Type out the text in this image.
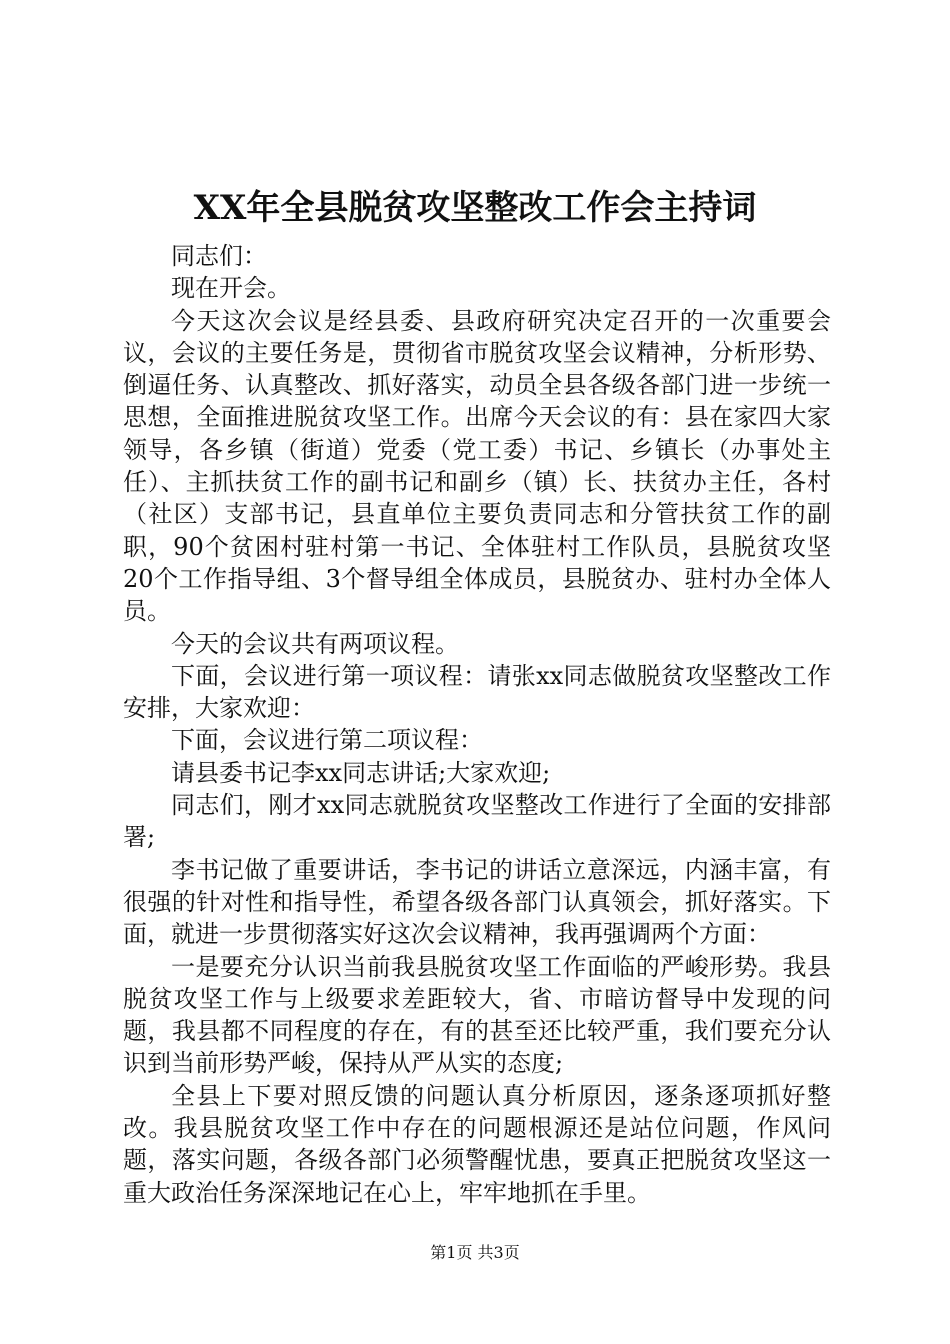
XX年全县脱贫攻坚整改工作会主持词

同志们：

现在开会。

今天这次会议是经县委、县政府研究决定召开的一次重要会议，会议的主要任务是，贯彻省市脱贫攻坚会议精神，分析形势、倒逼任务、认真整改、抓好落实，动员全县各级各部门进一步统一思想，全面推进脱贫攻坚工作。出席今天会议的有：县在家四大家领导，各乡镇（街道）党委（党工委）书记、乡镇长（办事处主任）、主抓扶贫工作的副书记和副乡（镇）长、扶贫办主任，各村（社区）支部书记，县直单位主要负责同志和分管扶贫工作的副职，90个贫困村驻村第一书记、全体驻村工作队员，县脱贫攻坚20个工作指导组、3个督导组全体成员，县脱贫办、驻村办全体人员。

今天的会议共有两项议程。

下面，会议进行第一项议程：请张xx同志做脱贫攻坚整改工作安排，大家欢迎：

下面，会议进行第二项议程：

请县委书记李xx同志讲话;大家欢迎;

同志们，刚才xx同志就脱贫攻坚整改工作进行了全面的安排部署;

李书记做了重要讲话，李书记的讲话立意深远，内涵丰富，有很强的针对性和指导性，希望各级各部门认真领会，抓好落实。下面，就进一步贯彻落实好这次会议精神，我再强调两个方面：

一是要充分认识当前我县脱贫攻坚工作面临的严峻形势。我县脱贫攻坚工作与上级要求差距较大，省、市暗访督导中发现的问题，我县都不同程度的存在，有的甚至还比较严重，我们要充分认识到当前形势严峻，保持从严从实的态度;

全县上下要对照反馈的问题认真分析原因，逐条逐项抓好整改。我县脱贫攻坚工作中存在的问题根源还是站位问题，作风问题，落实问题，各级各部门必须警醒忧患，要真正把脱贫攻坚这一重大政治任务深深地记在心上，牢牢地抓在手里。

第1页 共3页
